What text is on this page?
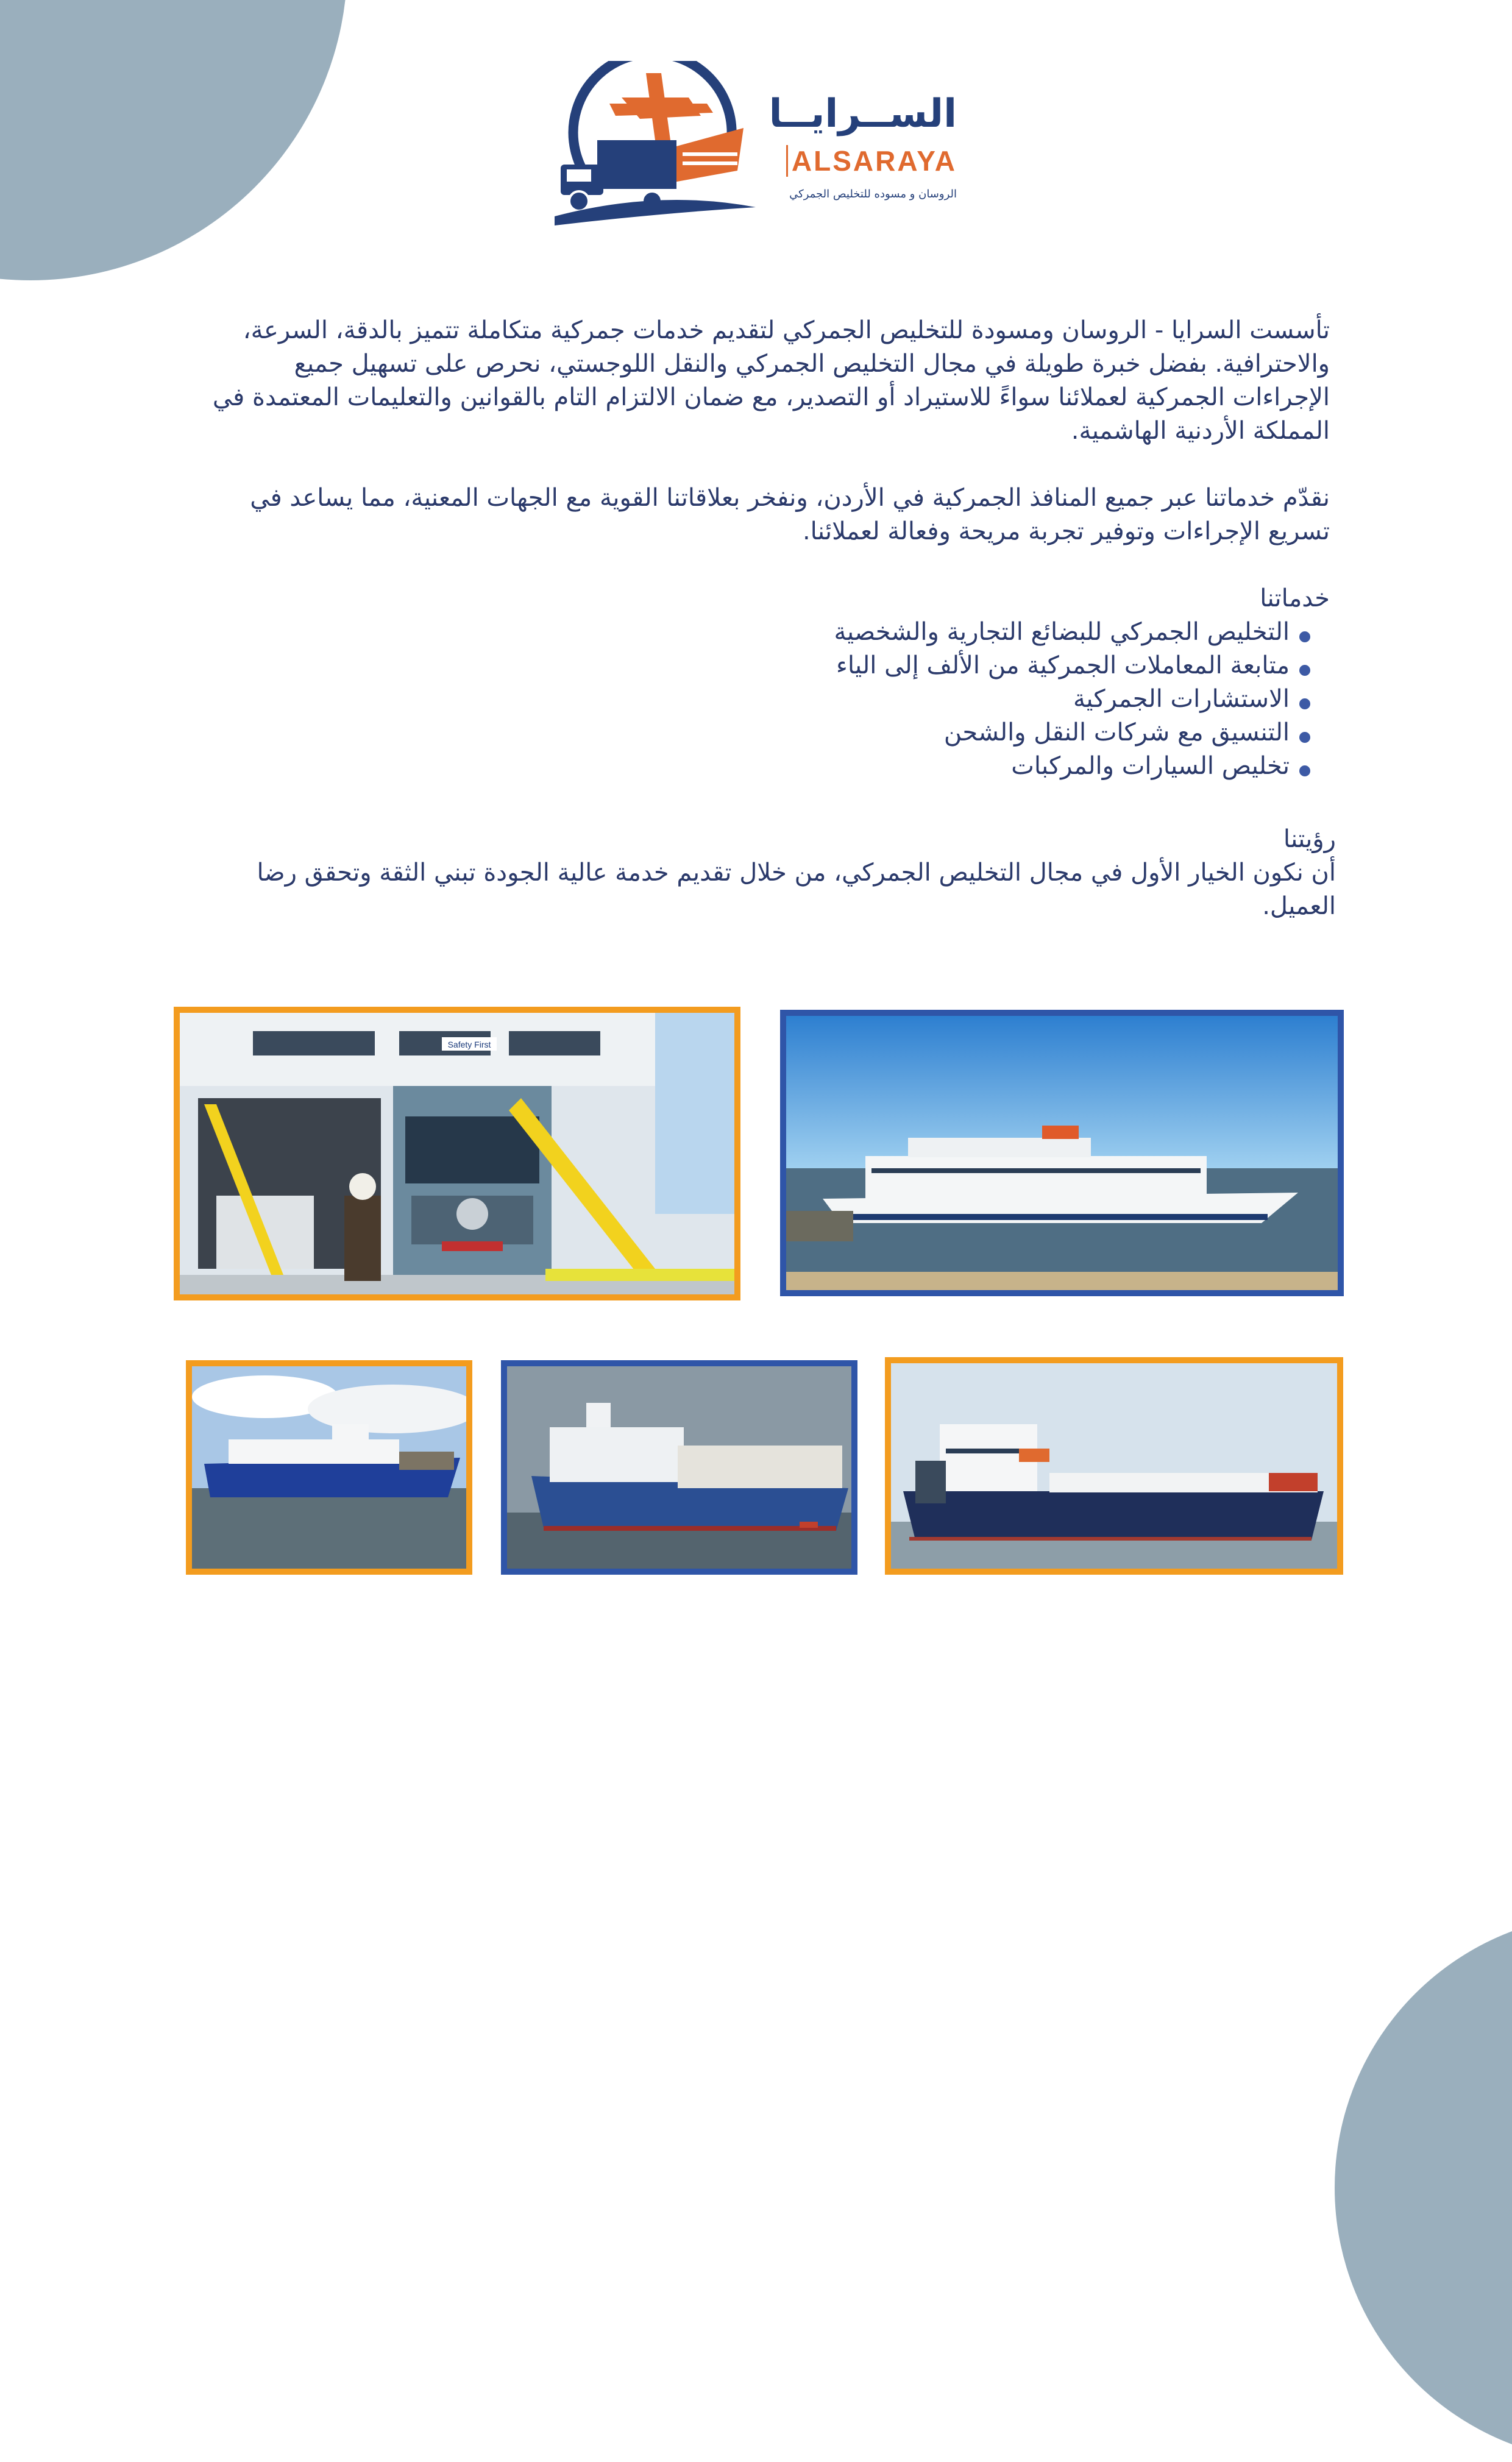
الســرايــا
ALSARAYA
الروسان و مسوده للتخليص الجمركي

تأسست السرايا - الروسان ومسودة للتخليص الجمركي لتقديم خدمات جمركية متكاملة تتميز بالدقة، السرعة، والاحترافية. بفضل خبرة طويلة في مجال التخليص الجمركي والنقل اللوجستي، نحرص على تسهيل جميع الإجراءات الجمركية لعملائنا سواءً للاستيراد أو التصدير، مع ضمان الالتزام التام بالقوانين والتعليمات المعتمدة في المملكة الأردنية الهاشمية.

نقدّم خدماتنا عبر جميع المنافذ الجمركية في الأردن، ونفخر بعلاقاتنا القوية مع الجهات المعنية، مما يساعد في تسريع الإجراءات وتوفير تجربة مريحة وفعالة لعملائنا.

خدماتنا
التخليص الجمركي للبضائع التجارية والشخصية
متابعة المعاملات الجمركية من الألف إلى الياء
الاستشارات الجمركية
التنسيق مع شركات النقل والشحن
تخليص السيارات والمركبات
رؤيتنا

أن نكون الخيار الأول في مجال التخليص الجمركي، من خلال تقديم خدمة عالية الجودة تبني الثقة وتحقق رضا العميل.

Safety First
